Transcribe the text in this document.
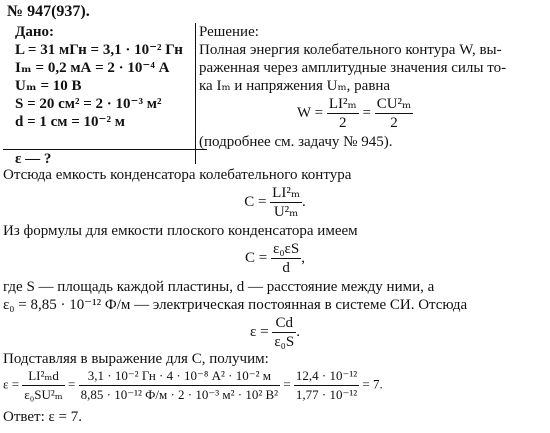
№ 947(937).
Дано:
L = 31 мГн = 3,1 · 10⁻² Гн
Iₘ = 0,2 мА = 2 · 10⁻⁴ А
Uₘ = 10 В
S = 20 см² = 2 · 10⁻³ м²
d = 1 см = 10⁻² м
ε — ?
Решение:
Полная энергия колебательного контура W, вы-
раженная через амплитудные значения силы то-
ка Iₘ и напряжения Uₘ, равна
$W = \frac{\text{LI²ₘ}}{2} = \frac{\text{CU²ₘ}}{2}$
(подробнее см. задачу № 945).
Отсюда емкость конденсатора колебательного контура
$C = \frac{\text{LI²ₘ}}{\text{U²ₘ}}$ .
Из формулы для емкости плоского конденсатора имеем
$C = \frac{\text{ε₀εS}}{d}$ ,
где S — площадь каждой пластины, d — расстояние между ними, а
ε₀ = 8,85 · 10⁻¹² Ф/м — электрическая постоянная в системе СИ. Отсюда
$\varepsilon = \frac{Cd}{\text{ε₀S}}$ .
Подставляя в выражение для C, получим:
$\varepsilon = \frac{\text{LI²ₘd}}{\text{ε₀SU²ₘ}} = \frac{\text{3,1 · 10⁻² Гн · 4 · 10⁻⁸ А² · 10⁻² м}}{\text{8,85 · 10⁻¹² Ф/м · 2 · 10⁻³ м² · 10² В²}} = \frac{\text{12,4 · 10⁻¹²}}{\text{1,77 · 10⁻¹²}} = 7$.
Ответ: ε = 7.
